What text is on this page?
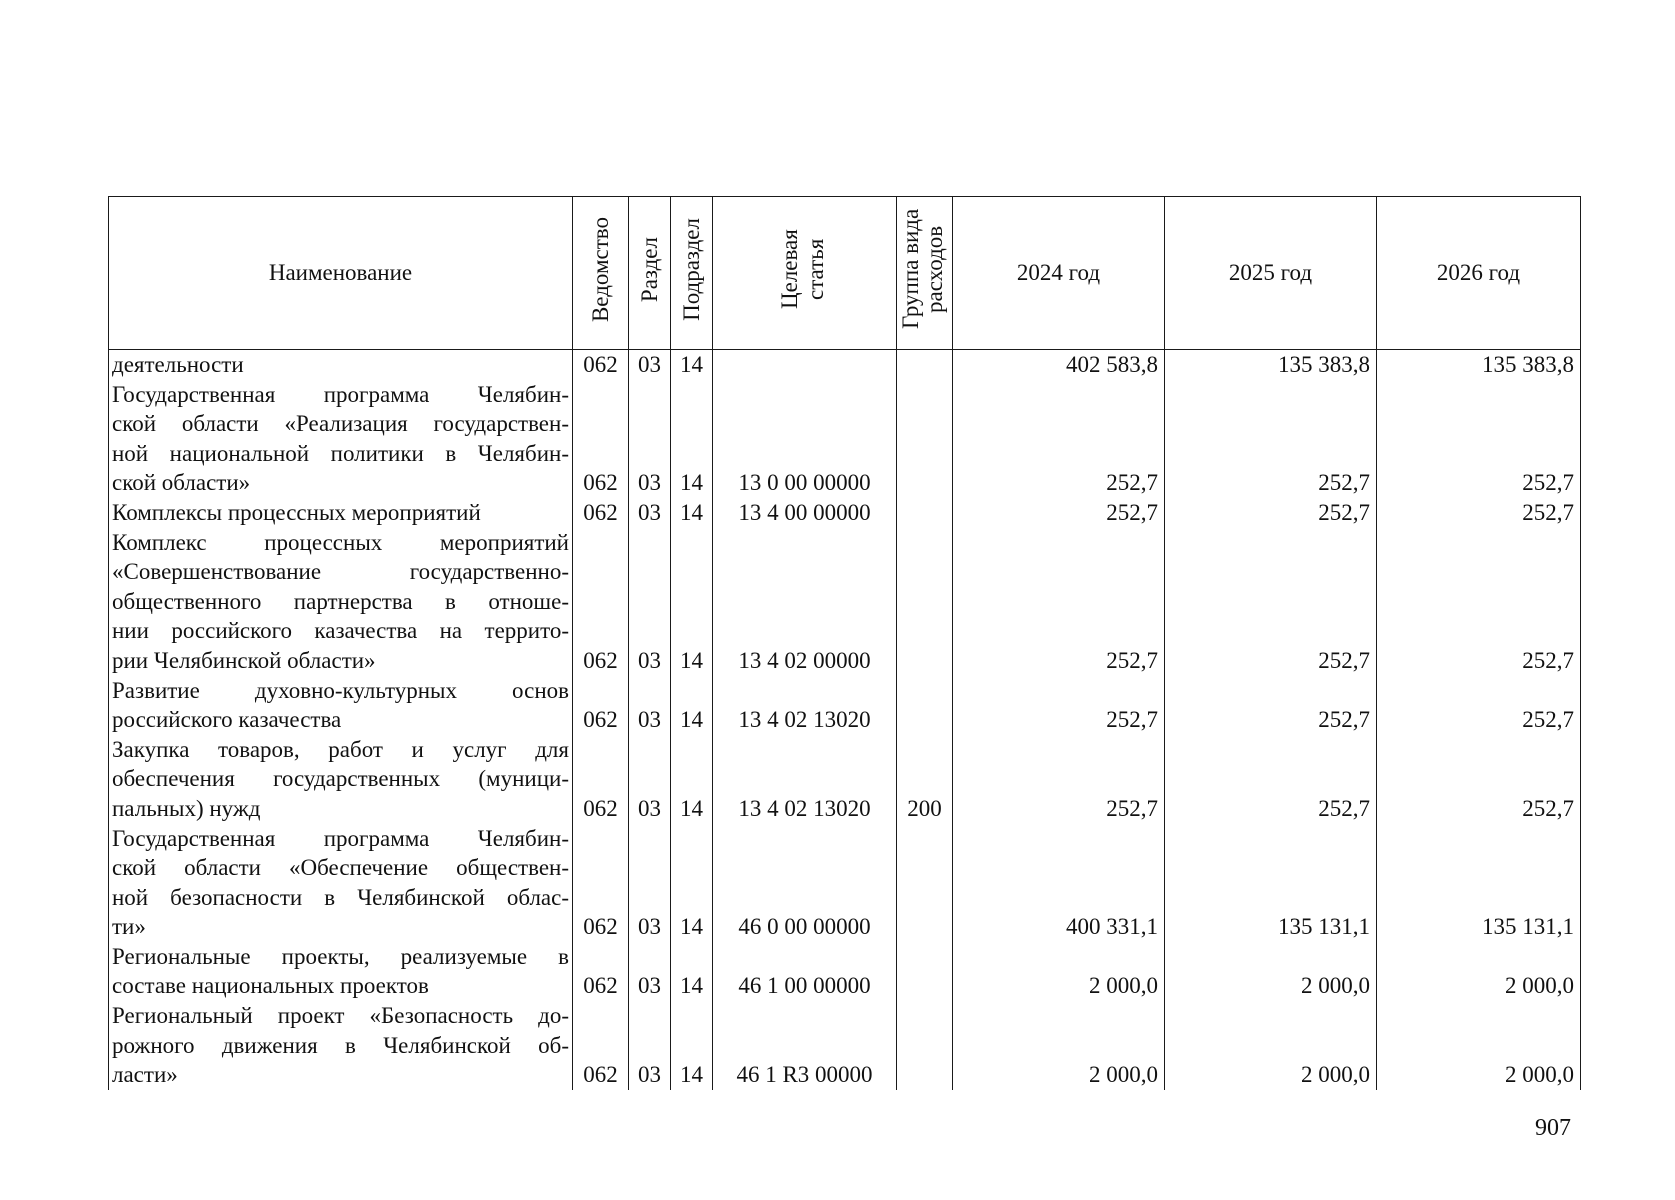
Наименование	Ведомство	Раздел	Подраздел	Целевая статья	Группа вида расходов	2024 год	2025 год	2026 год

деятельности	062	03	14			402 583,8	135 383,8	135 383,8

Государственная программа Челябин-
ской области «Реализация государствен-
ной национальной политики в Челябин-
ской области»	062	03	14	13 0 00 00000		252,7	252,7	252,7

Комплексы процессных мероприятий	062	03	14	13 4 00 00000		252,7	252,7	252,7

Комплекс процессных мероприятий
«Совершенствование государственно-
общественного партнерства в отноше-
нии российского казачества на террито-
рии Челябинской области»	062	03	14	13 4 02 00000		252,7	252,7	252,7

Развитие духовно-культурных основ
российского казачества	062	03	14	13 4 02 13020		252,7	252,7	252,7

Закупка товаров, работ и услуг для
обеспечения государственных (муници-
пальных) нужд	062	03	14	13 4 02 13020	200	252,7	252,7	252,7

Государственная программа Челябин-
ской области «Обеспечение обществен-
ной безопасности в Челябинской облас-
ти»	062	03	14	46 0 00 00000		400 331,1	135 131,1	135 131,1

Региональные проекты, реализуемые в
составе национальных проектов	062	03	14	46 1 00 00000		2 000,0	2 000,0	2 000,0

Региональный проект «Безопасность до-
рожного движения в Челябинской об-
ласти»	062	03	14	46 1 R3 00000		2 000,0	2 000,0	2 000,0
907
